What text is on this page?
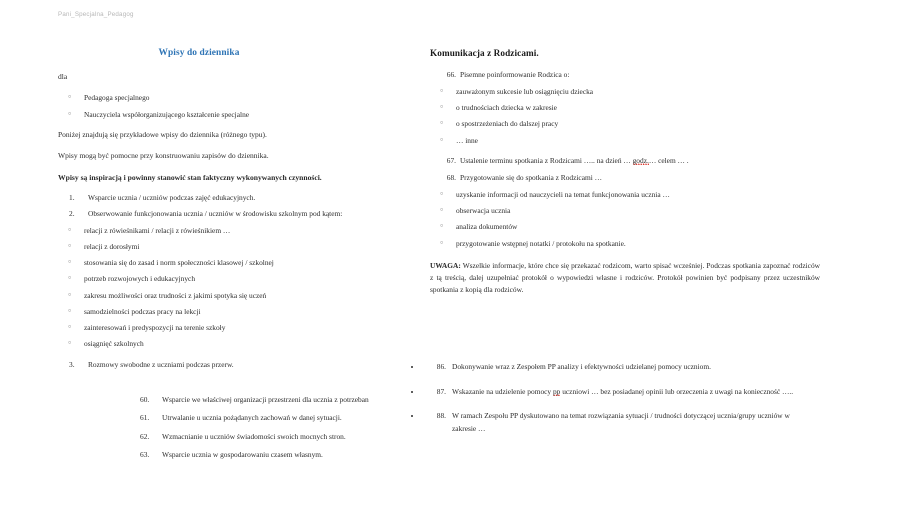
Pani_Specjalna_Pedagog
Wpisy do dziennika

dla

○ Pedagoga specjalnego
○ Nauczyciela współorganizującego kształcenie specjalne

Poniżej znajdują się przykładowe wpisy do dziennika (różnego typu).

Wpisy mogą być pomocne przy konstruowaniu zapisów do dziennika.

Wpisy są inspiracją i powinny stanowić stan faktyczny wykonywanych czynności.

1.	Wsparcie ucznia / uczniów podczas zajęć edukacyjnych.
2.	Obserwowanie funkcjonowania ucznia / uczniów w środowisku szkolnym pod kątem:
○ relacji z rówieśnikami / relacji z rówieśnikiem …
○ relacji z dorosłymi
○ stosowania się do zasad i norm społeczności klasowej / szkolnej
○ potrzeb rozwojowych i edukacyjnych
○ zakresu możliwości oraz trudności z jakimi spotyka się uczeń
○ samodzielności podczas pracy na lekcji
○ zainteresowań i predyspozycji na terenie szkoły
○ osiągnięć szkolnych
3.	Rozmowy swobodne z uczniami podczas przerw.
Komunikacja z Rodzicami.
66. Pisemne poinformowanie Rodzica o:
○ zauważonym sukcesie lub osiągnięciu dziecka
○ o trudnościach dziecka w zakresie
○ o spostrzeżeniach do dalszej pracy
○ … inne
67. Ustalenie terminu spotkania z Rodzicami ….. na dzień … godz.… celem … .
68. Przygotowanie się do spotkania z Rodzicami …
○ uzyskanie informacji od nauczycieli na temat funkcjonowania ucznia …
○ obserwacja ucznia
○ analiza dokumentów
○ przygotowanie wstępnej notatki / protokołu na spotkanie.

UWAGA: Wszelkie informacje, które chce się przekazać rodzicom, warto spisać wcześniej. Podczas spotkania zapoznać rodziców z tą treścią, dalej uzupełniać protokół o wypowiedzi własne i rodziców. Protokół powinien być podpisany przez uczestników spotkania z kopią dla rodziców.

• 60.	Wsparcie we właściwej organizacji przestrzeni dla ucznia z potrzeban
• 61.	Utrwalanie u ucznia pożądanych zachowań w danej sytuacji.
• 62.	Wzmacnianie u uczniów świadomości swoich mocnych stron.
• 63.	Wsparcie ucznia w gospodarowaniu czasem własnym.
• 86. Dokonywanie wraz z Zespołem PP analizy i efektywności udzielanej pomocy uczniom.
• 87. Wskazanie na udzielenie pomocy pp uczniowi … bez posiadanej opinii lub orzeczenia z uwagi na konieczność …..
• 88. W ramach Zespołu PP dyskutowano na temat rozwiązania sytuacji / trudności dotyczącej ucznia/grupy uczniów w zakresie …
